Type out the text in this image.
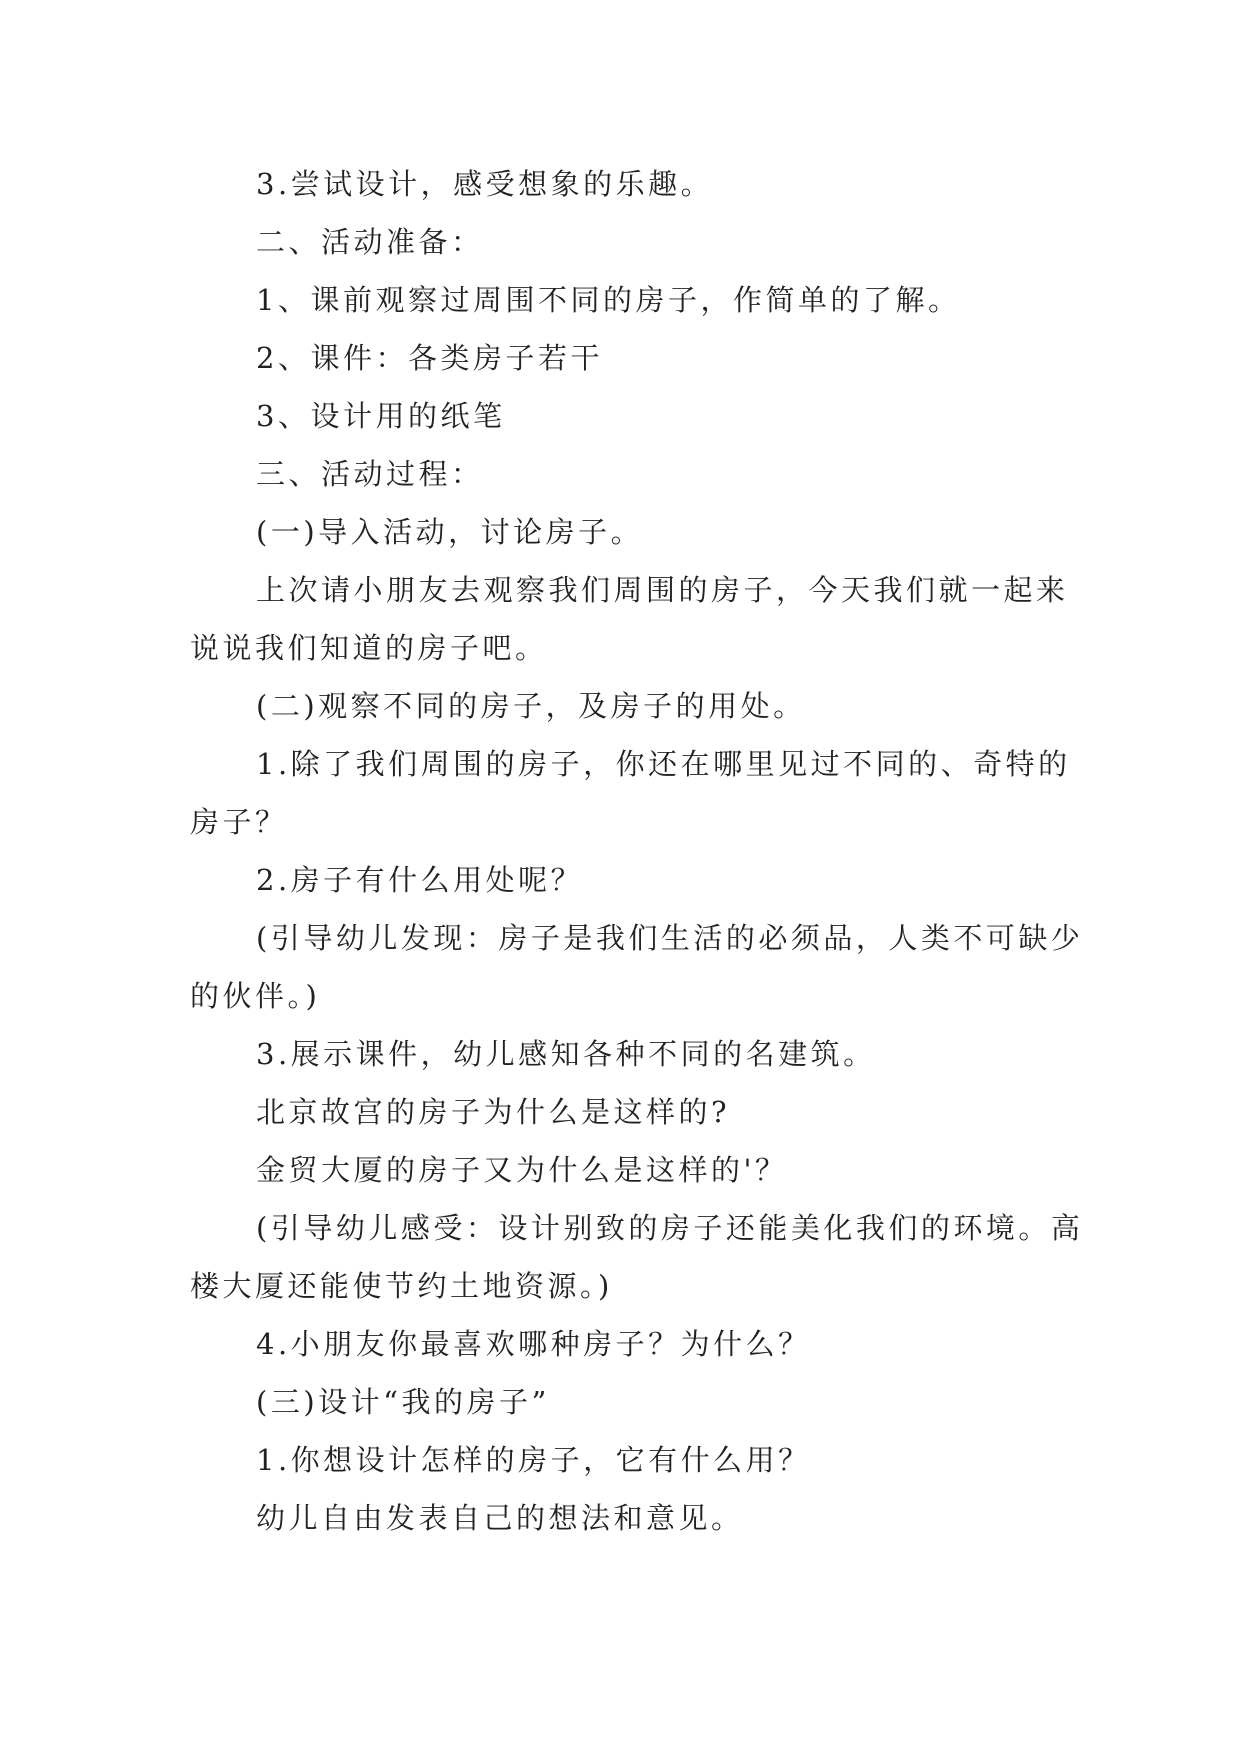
3.尝试设计，感受想象的乐趣。

二、活动准备：

1、课前观察过周围不同的房子，作简单的了解。

2、课件：各类房子若干

3、设计用的纸笔

三、活动过程：

(一)导入活动，讨论房子。

上次请小朋友去观察我们周围的房子，今天我们就一起来说说我们知道的房子吧。

(二)观察不同的房子，及房子的用处。

1.除了我们周围的房子，你还在哪里见过不同的、奇特的房子？

2.房子有什么用处呢？

(引导幼儿发现：房子是我们生活的必须品，人类不可缺少的伙伴。)

3.展示课件，幼儿感知各种不同的名建筑。

北京故宫的房子为什么是这样的?

金贸大厦的房子又为什么是这样的'？

(引导幼儿感受：设计别致的房子还能美化我们的环境。高楼大厦还能使节约土地资源。)

4.小朋友你最喜欢哪种房子？为什么？

(三)设计“我的房子”

1.你想设计怎样的房子，它有什么用？

幼儿自由发表自己的想法和意见。
